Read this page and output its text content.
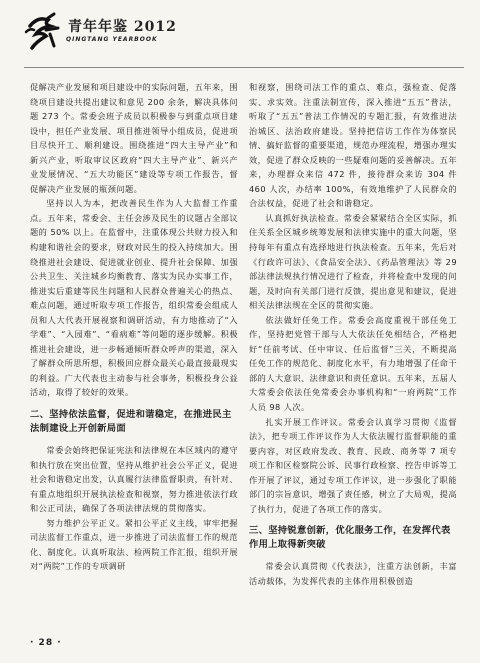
青年年鉴 2012
QINGTANG YEARBOOK

促解决产业发展和项目建设中的实际问题，五年来，围绕项目建设共提出建议和意见 200 余条，解决具体问题 273 个。常委会班子成员以积极参与到重点项目建设中，担任产业发展、项目推进领导小组成员，促进项目尽快开工、顺利建设。围绕推进“四大主导产业”和新兴产业，听取审议区政府“四大主导产业”、新兴产业发展情况、“五大功能区”建设等专项工作报告，督促解决产业发展的瓶颈问题。

坚持以人为本，把改善民生作为人大监督工作重点。五年来，常委会、主任会涉及民生的议题占全部议题的 50% 以上。在监督中，注重体现公共财力投入和构建和谐社会的要求，财政对民生的投入持续加大。围绕推进社会建设、促进就业创业、提升社会保障、加强公共卫生、关注城乡均衡教育、落实为民办实事工作，推进实后重建等民生问题和人民群众普遍关心的热点、难点问题，通过听取专项工作报告，组织常委会组成人员和人大代表开展视察和调研活动，有力地推动了“入学难”、“入园难”、“看病难”等问题的逐步缓解。积极推进社会建设，进一步畅通倾听群众呼声的渠道，深入了解群众所思所想，积极回应群众最关心最直接最现实的利益。广大代表也主动参与社会事务，积极投身公益活动，取得了较好的效果。

二、坚持依法监督，促进和谐稳定，在推进民主法制建设上开创新局面

常委会始终把保证宪法和法律规在本区域内的遵守和执行放在突出位置，坚持从维护社会公平正义，促进社会和谐稳定出发，认真履行法律监督职责，有针对、有重点地组织开展执法检查和视察，努力推进依法行政和公正司法，确保了各项法律法规的贯彻落实。

努力维护公平正义。紧扣公平正义主线，审牢把握司法监督工作重点，进一步推进了司法监督工作的规范化、制度化。认真听取法、检两院工作汇报，组织开展对“两院”工作的专项调研

和视察，围绕司法工作的重点、难点，强检查、促落实、求实效。注重法制宣传，深入推进“五五”普法，听取了“五五”普法工作情况的专题汇报，有效推进法治城区、法治政府建设。坚持把信访工作作为体察民情、搞好监督的重要渠道，规范办理流程，增强办理实效，促进了群众反映的一些疑难问题的妥善解决。五年来，办理群众来信 472 件，接待群众来访 304 件 460 人次，办结率 100%，有效地维护了人民群众的合法权益，促进了社会和谐稳定。

认真抓好执法检查。常委会紧紧结合全区实际，抓住关系全区城乡统筹发展和法律实施中的重大问题，坚持每年有重点有选择地进行执法检查。五年来，先后对《行政许可法》、《食品安全法》、《药品管理法》等 29 部法律法规执行情况进行了检查，并将检查中发现的问题，及时向有关部门进行反馈，提出意见和建议，促进相关法律法规在全区的贯彻实施。

依法做好任免工作。常委会高度重视干部任免工作，坚持把党管干部与人大依法任免相结合，严格把好“任前考试、任中审议、任后监督”三关，不断提高任免工作的规范化、制度化水平，有力地增强了任命干部的人大意识、法律意识和责任意识。五年来，五届人大常委会依法任免常委会办事机构和“一府两院”工作人员 98 人次。

扎实开展工作评议。常委会认真学习贯彻《监督法》，把专项工作评议作为人大依法履行监督职能的重要内容，对区政府发改、教育、民政、商务等 7 项专项工作和区检察院公诉、民事行政检察、控告申诉等工作开展了评议，通过专项工作评议，进一步强化了职能部门的宗旨意识，增强了责任感，树立了大局观，提高了执行力，促进了各项工作的落实。

三、坚持锐意创新，优化服务工作，在发挥代表作用上取得新突破

常委会认真贯彻《代表法》，注重方法创新，丰富活动载体，为发挥代表的主体作用积极创造

· 28 ·
